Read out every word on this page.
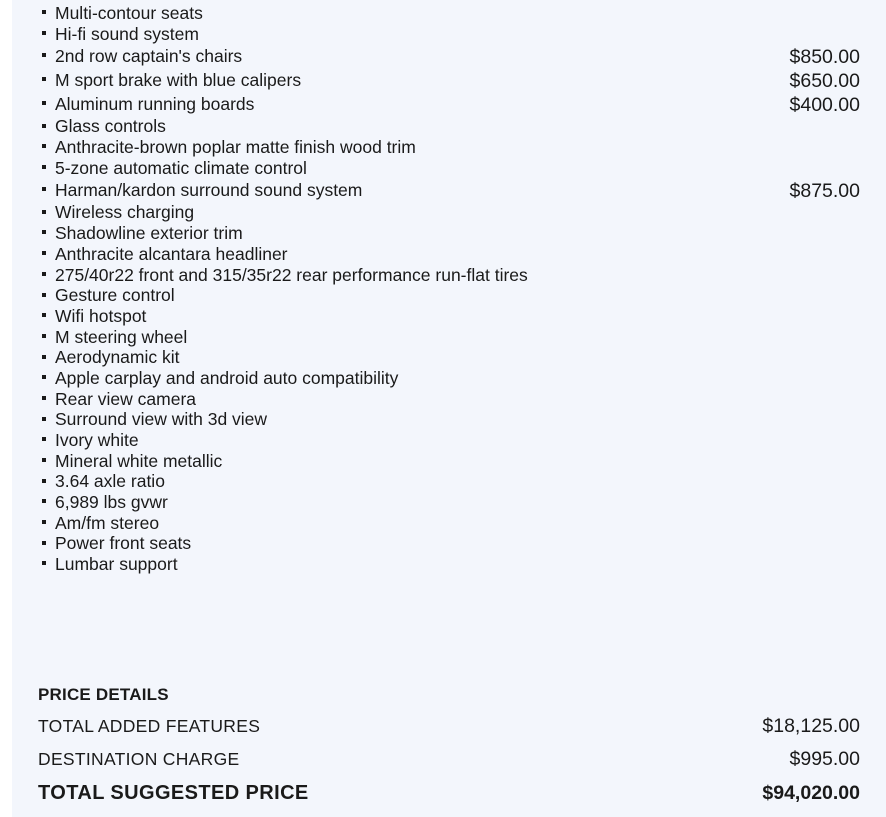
Multi-contour seats
Hi-fi sound system
2nd row captain's chairs	$850.00
M sport brake with blue calipers	$650.00
Aluminum running boards	$400.00
Glass controls
Anthracite-brown poplar matte finish wood trim
5-zone automatic climate control
Harman/kardon surround sound system	$875.00
Wireless charging
Shadowline exterior trim
Anthracite alcantara headliner
275/40r22 front and 315/35r22 rear performance run-flat tires
Gesture control
Wifi hotspot
M steering wheel
Aerodynamic kit
Apple carplay and android auto compatibility
Rear view camera
Surround view with 3d view
Ivory white
Mineral white metallic
3.64 axle ratio
6,989 lbs gvwr
Am/fm stereo
Power front seats
Lumbar support
PRICE DETAILS
TOTAL ADDED FEATURES	$18,125.00
DESTINATION CHARGE	$995.00
TOTAL SUGGESTED PRICE	$94,020.00
